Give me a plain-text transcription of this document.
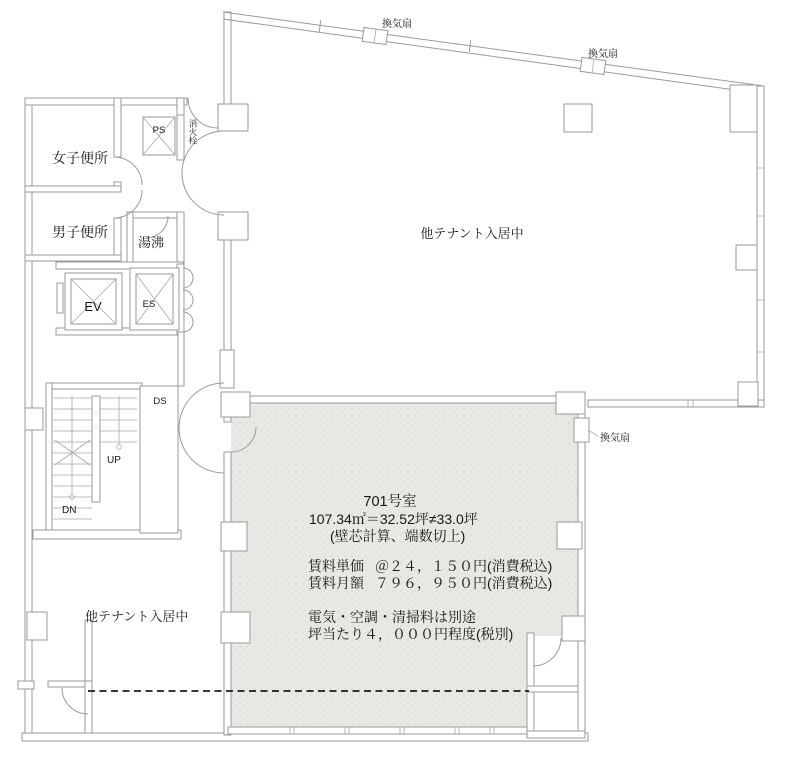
女子便所
男子便所
湯沸
EV	ES
PS
DS
UP
DN
消火栓
他テナント入居中
他テナント入居中
換気扇
換気扇
換気扇
701号室
107.34㎡＝32.52坪≠33.0坪
(壁芯計算、端数切上)
賃料単価 ＠２４，１５０円(消費税込)
賃料月額 ７９６，９５０円(消費税込)
電気・空調・清掃料は別途
坪当たり４，０００円程度(税別)
